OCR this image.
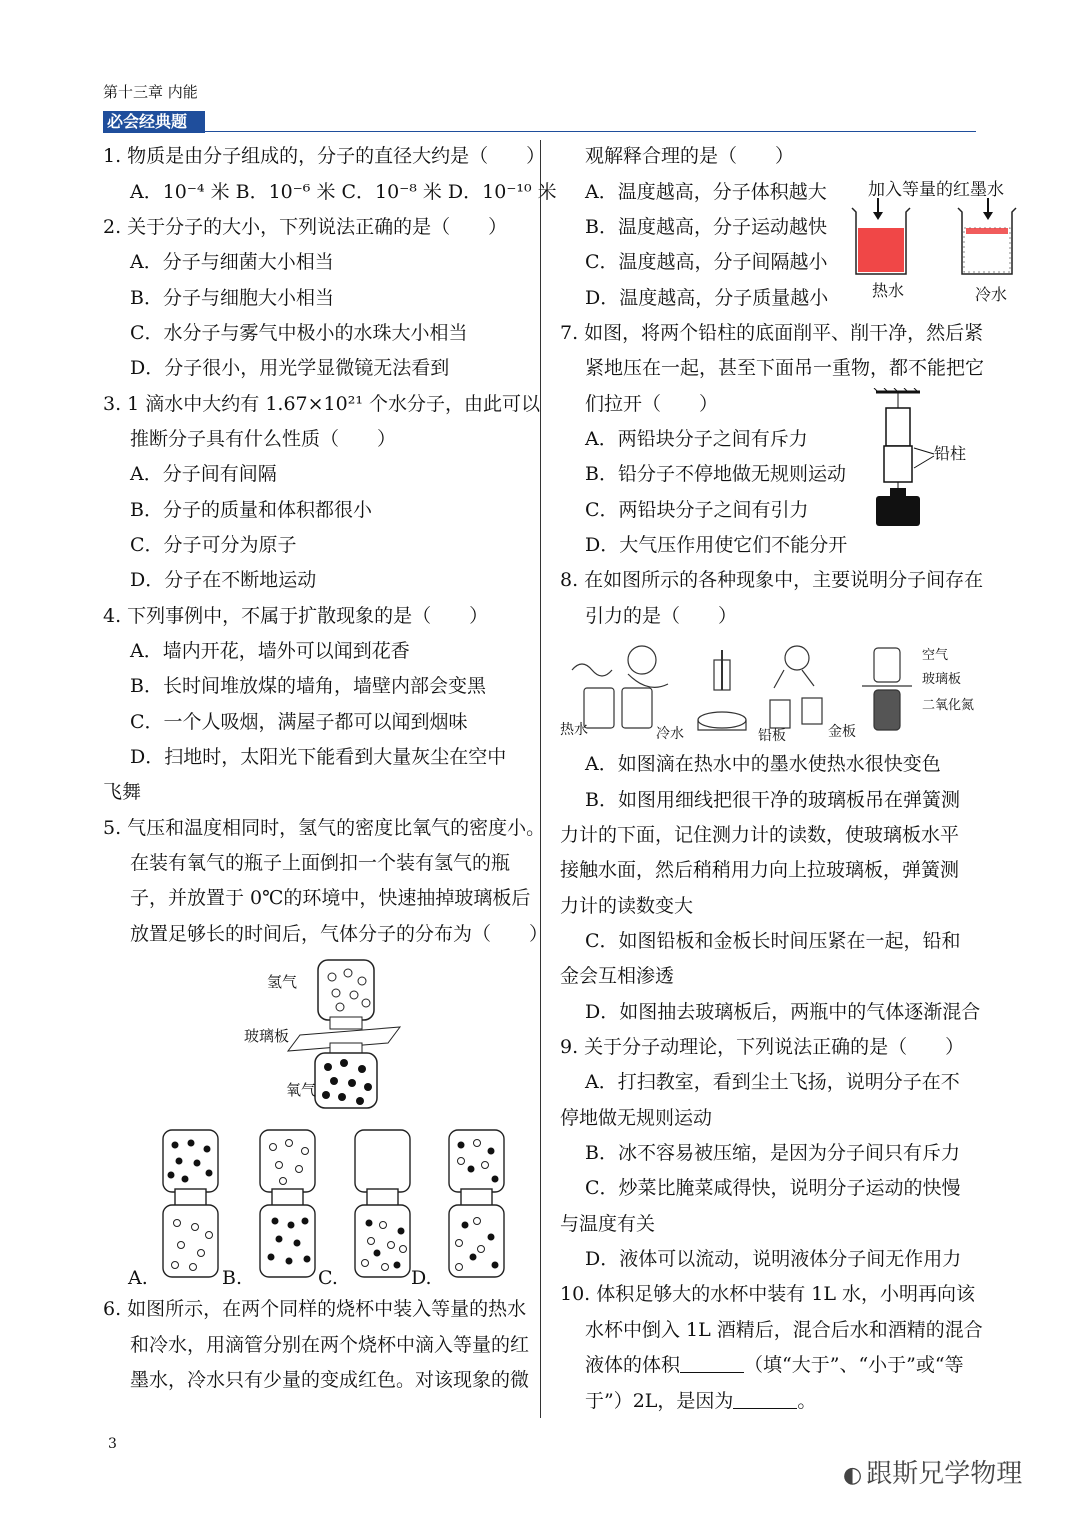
第十三章 内能
必会经典题
1. 物质是由分子组成的，分子的直径大约是（　　）
A．10⁻⁴ 米 B．10⁻⁶ 米 C．10⁻⁸ 米 D．10⁻¹⁰ 米
2. 关于分子的大小，下列说法正确的是（　　）
A．分子与细菌大小相当
B．分子与细胞大小相当
C．水分子与雾气中极小的水珠大小相当
D．分子很小，用光学显微镜无法看到
3. 1 滴水中大约有 1.67×10²¹ 个水分子，由此可以
推断分子具有什么性质（　　）
A．分子间有间隔
B．分子的质量和体积都很小
C．分子可分为原子
D．分子在不断地运动
4. 下列事例中，不属于扩散现象的是（　　）
A．墙内开花，墙外可以闻到花香
B．长时间堆放煤的墙角，墙壁内部会变黑
C．一个人吸烟，满屋子都可以闻到烟味
D．扫地时，太阳光下能看到大量灰尘在空中
飞舞
5. 气压和温度相同时，氢气的密度比氧气的密度小。
在装有氧气的瓶子上面倒扣一个装有氢气的瓶
子，并放置于 0℃的环境中，快速抽掉玻璃板后
放置足够长的时间后，气体分子的分布为（　　）
氢气
玻璃板
氧气
A.	B.	C.	D.
6. 如图所示，在两个同样的烧杯中装入等量的热水
和冷水，用滴管分别在两个烧杯中滴入等量的红
墨水，冷水只有少量的变成红色。对该现象的微
观解释合理的是（　　）
A．温度越高，分子体积越大
B．温度越高，分子运动越快
C．温度越高，分子间隔越小
D．温度越高，分子质量越小
加入等量的红墨水
热水	冷水
7. 如图，将两个铅柱的底面削平、削干净，然后紧
紧地压在一起，甚至下面吊一重物，都不能把它
们拉开（　　）
A．两铅块分子之间有斥力
B．铅分子不停地做无规则运动
C．两铅块分子之间有引力
D．大气压作用使它们不能分开
铅柱
8. 在如图所示的各种现象中，主要说明分子间存在
引力的是（　　）
热水	冷水	铅板	金板
空气
玻璃板
二氧化氮
A．如图滴在热水中的墨水使热水很快变色
B．如图用细线把很干净的玻璃板吊在弹簧测
力计的下面，记住测力计的读数，使玻璃板水平
接触水面，然后稍稍用力向上拉玻璃板，弹簧测
力计的读数变大
C．如图铅板和金板长时间压紧在一起，铅和
金会互相渗透
D．如图抽去玻璃板后，两瓶中的气体逐渐混合
9. 关于分子动理论，下列说法正确的是（　　）
A．打扫教室，看到尘土飞扬，说明分子在不
停地做无规则运动
B．冰不容易被压缩，是因为分子间只有斥力
C．炒菜比腌菜咸得快，说明分子运动的快慢
与温度有关
D．液体可以流动，说明液体分子间无作用力
10. 体积足够大的水杯中装有 1L 水，小明再向该
水杯中倒入 1L 酒精后，混合后水和酒精的混合
液体的体积	（填“大于”、“小于”或“等
于”）2L，是因为	。
3
◐ 跟斯兄学物理
